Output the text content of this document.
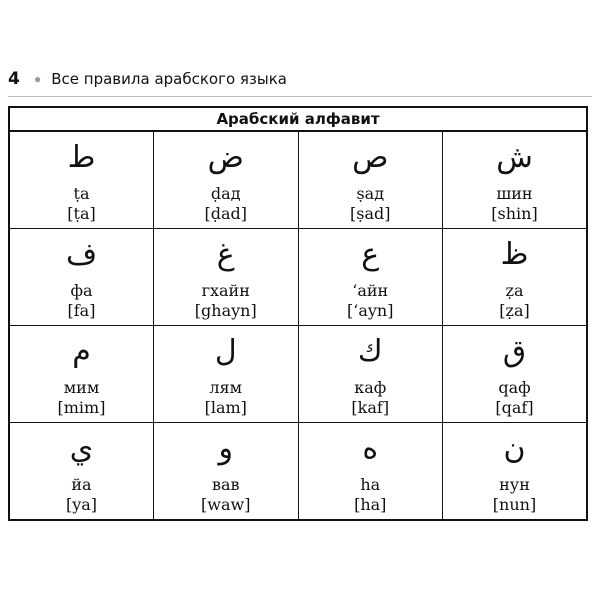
4	● Все правила арабского языка
Арабский алфавит			

ط
ṭа
[ṭa]	ض
ḍад
[ḍad]	ص
ṣад
[ṣad]	ش
шин
[shin]

ف
фа
[fa]	غ
гхайн
[ghayn]	ع
ʻайн
[ʻayn]	ظ
ẓа
[ẓa]

م
мим
[mim]	ل
лям
[lam]	ك
каф
[kaf]	ق
qаф
[qaf]

ي
йа
[ya]	و
вав
[waw]	ه
hа
[ha]	ن
нун
[nun]
